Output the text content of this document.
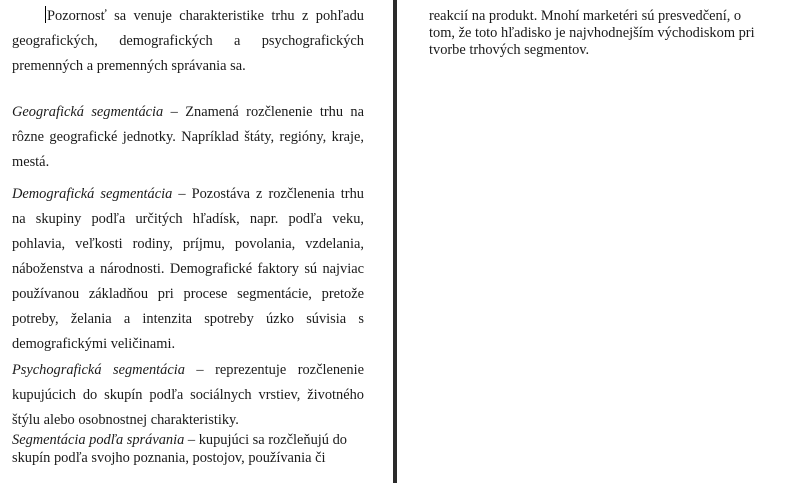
Pozornosť sa venuje charakteristike trhu z pohľadu geografických, demografických a psychografických premenných a premenných správania sa.
Geografická segmentácia – Znamená rozčlenenie trhu na rôzne geografické jednotky. Napríklad štáty, regióny, kraje, mestá.
Demografická segmentácia – Pozostáva z rozčlenenia trhu na skupiny podľa určitých hľadísk, napr. podľa veku, pohlavia, veľkosti rodiny, príjmu, povolania, vzdelania, náboženstva a národnosti. Demografické faktory sú najviac používanou základňou pri procese segmentácie, pretože potreby, želania a intenzita spotreby úzko súvisia s demografickými veličinami.
Psychografická segmentácia – reprezentuje rozčlenenie kupujúcich do skupín podľa sociálnych vrstiev, životného štýlu alebo osobnostnej charakteristiky.
Segmentácia podľa správania – kupujúci sa rozčleňujú do skupín podľa svojho poznania, postojov, používania či
reakcií na produkt. Mnohí marketéri sú presvedčení, o tom, že toto hľadisko je najvhodnejším východiskom pri tvorbe trhových segmentov.
